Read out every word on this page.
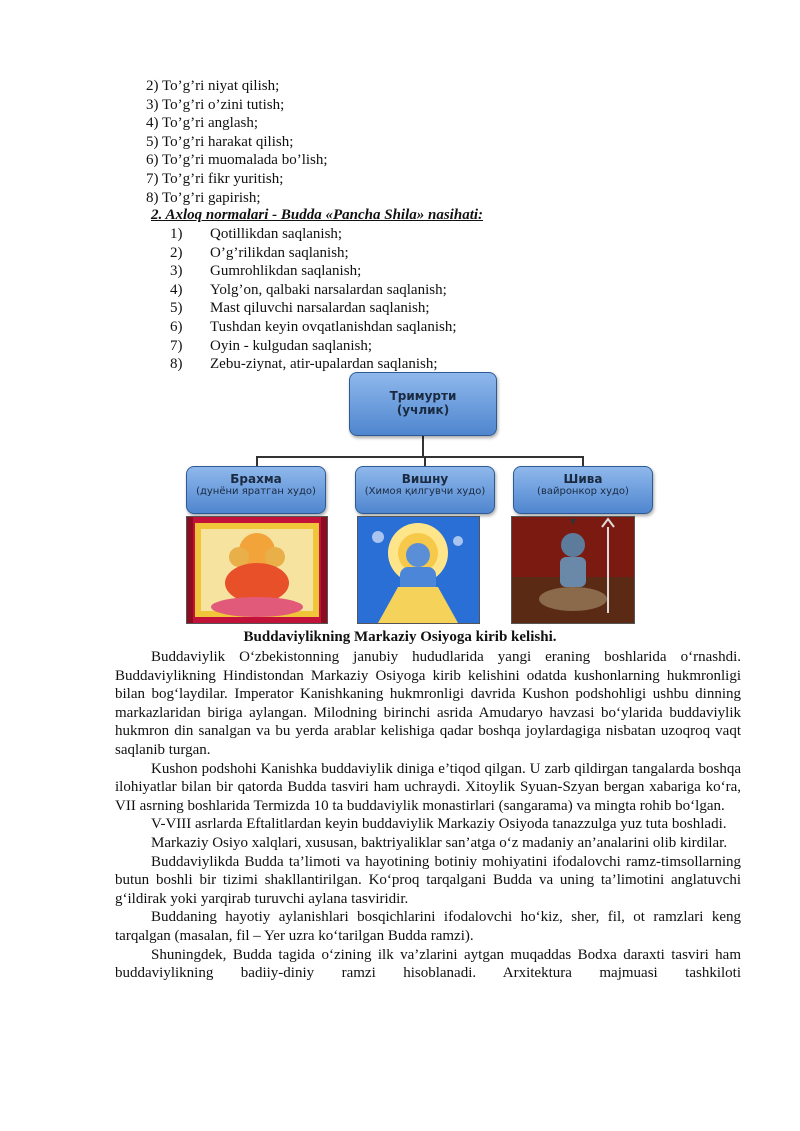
2) To’g’ri niyat qilish;
3) To’g’ri o’zini tutish;
4) To’g’ri anglash;
5) To’g’ri harakat qilish;
6) To’g’ri muomalada bo’lish;
7) To’g’ri fikr yuritish;
8) To’g’ri gapirish;
2. Axloq normalari - Budda «Pancha Shila» nasihati:
1)	Qotillikdan saqlanish;
2)	O’g’rilikdan saqlanish;
3)	Gumrohlikdan saqlanish;
4)	Yolg’on, qalbaki narsalardan saqlanish;
5)	Mast qiluvchi narsalardan saqlanish;
6)	Tushdan keyin ovqatlanishdan saqlanish;
7)	Oyin - kulgudan saqlanish;
8)	Zebu-ziynat, atir-upalardan saqlanish;
Тримурти
(учлик)
Брахма
(дунёни яратган худо)
Вишну
(Химоя қилгувчи худо)
Шива
(вайронкор худо)
Buddaviylikning Markaziy Osiyoga kirib kelishi.

Buddaviylik O‘zbekistonning janubiy hududlarida yangi eraning boshlarida o‘rnashdi. Buddaviylikning Hindistondan Markaziy Osiyoga kirib kelishini odatda kushonlarning hukmronligi bilan bog‘laydilar. Imperator Kanishkaning hukmronligi davrida Kushon podshohligi ushbu dinning markazlaridan biriga aylangan. Milodning birinchi asrida Amudaryo havzasi bo‘ylarida buddaviylik hukmron din sanalgan va bu yerda arablar kelishiga qadar boshqa joylardagiga nisbatan uzoqroq vaqt saqlanib turgan.

Kushon podshohi Kanishka buddaviylik diniga e’tiqod qilgan. U zarb qildirgan tangalarda boshqa ilohiyatlar bilan bir qatorda Budda tasviri ham uchraydi. Xitoylik Syuan-Szyan bergan xabariga ko‘ra, VII asrning boshlarida Termizda 10 ta buddaviylik monastirlari (sangarama) va mingta rohib bo‘lgan.

V-VIII asrlarda Eftalitlardan keyin buddaviylik Markaziy Osiyoda tanazzulga yuz tuta boshladi.

Markaziy Osiyo xalqlari, xususan, baktriyaliklar san’atga o‘z madaniy an’analarini olib kirdilar.

Buddaviylikda Budda ta’limoti va hayotining botiniy mohiyatini ifodalovchi ramz-timsollarning butun boshli bir tizimi shakllantirilgan. Ko‘proq tarqalgani Budda va uning ta’limotini anglatuvchi g‘ildirak yoki yarqirab turuvchi aylana tasviridir.

Buddaning hayotiy aylanishlari bosqichlarini ifodalovchi ho‘kiz, sher, fil, ot ramzlari keng tarqalgan (masalan, fil – Yer uzra ko‘tarilgan Budda ramzi).

Shuningdek, Budda tagida o‘zining ilk va’zlarini aytgan muqaddas Bodxa daraxti tasviri ham buddaviylikning badiiy-diniy ramzi hisoblanadi. Arxitektura majmuasi tashkiloti
